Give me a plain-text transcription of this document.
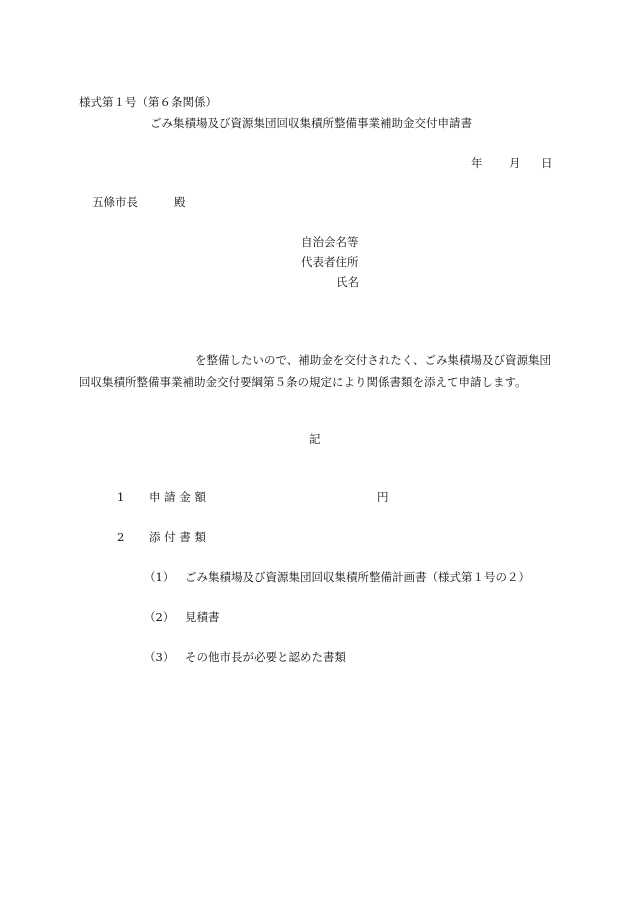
様式第１号（第６条関係）
ごみ集積場及び資源集団回収集積所整備事業補助金交付申請書
年 月 日
五條市長	殿
自治会名等
代表者住所
氏名
を整備したいので、補助金を交付されたく、ごみ集積場及び資源集団
回収集積所整備事業補助金交付要綱第５条の規定により関係書類を添えて申請します。
記
1 申 請 金 額	円
2 添 付 書 類
（1） ごみ集積場及び資源集団回収集積所整備計画書（様式第１号の２）
（2） 見積書
（3） その他市長が必要と認めた書類
